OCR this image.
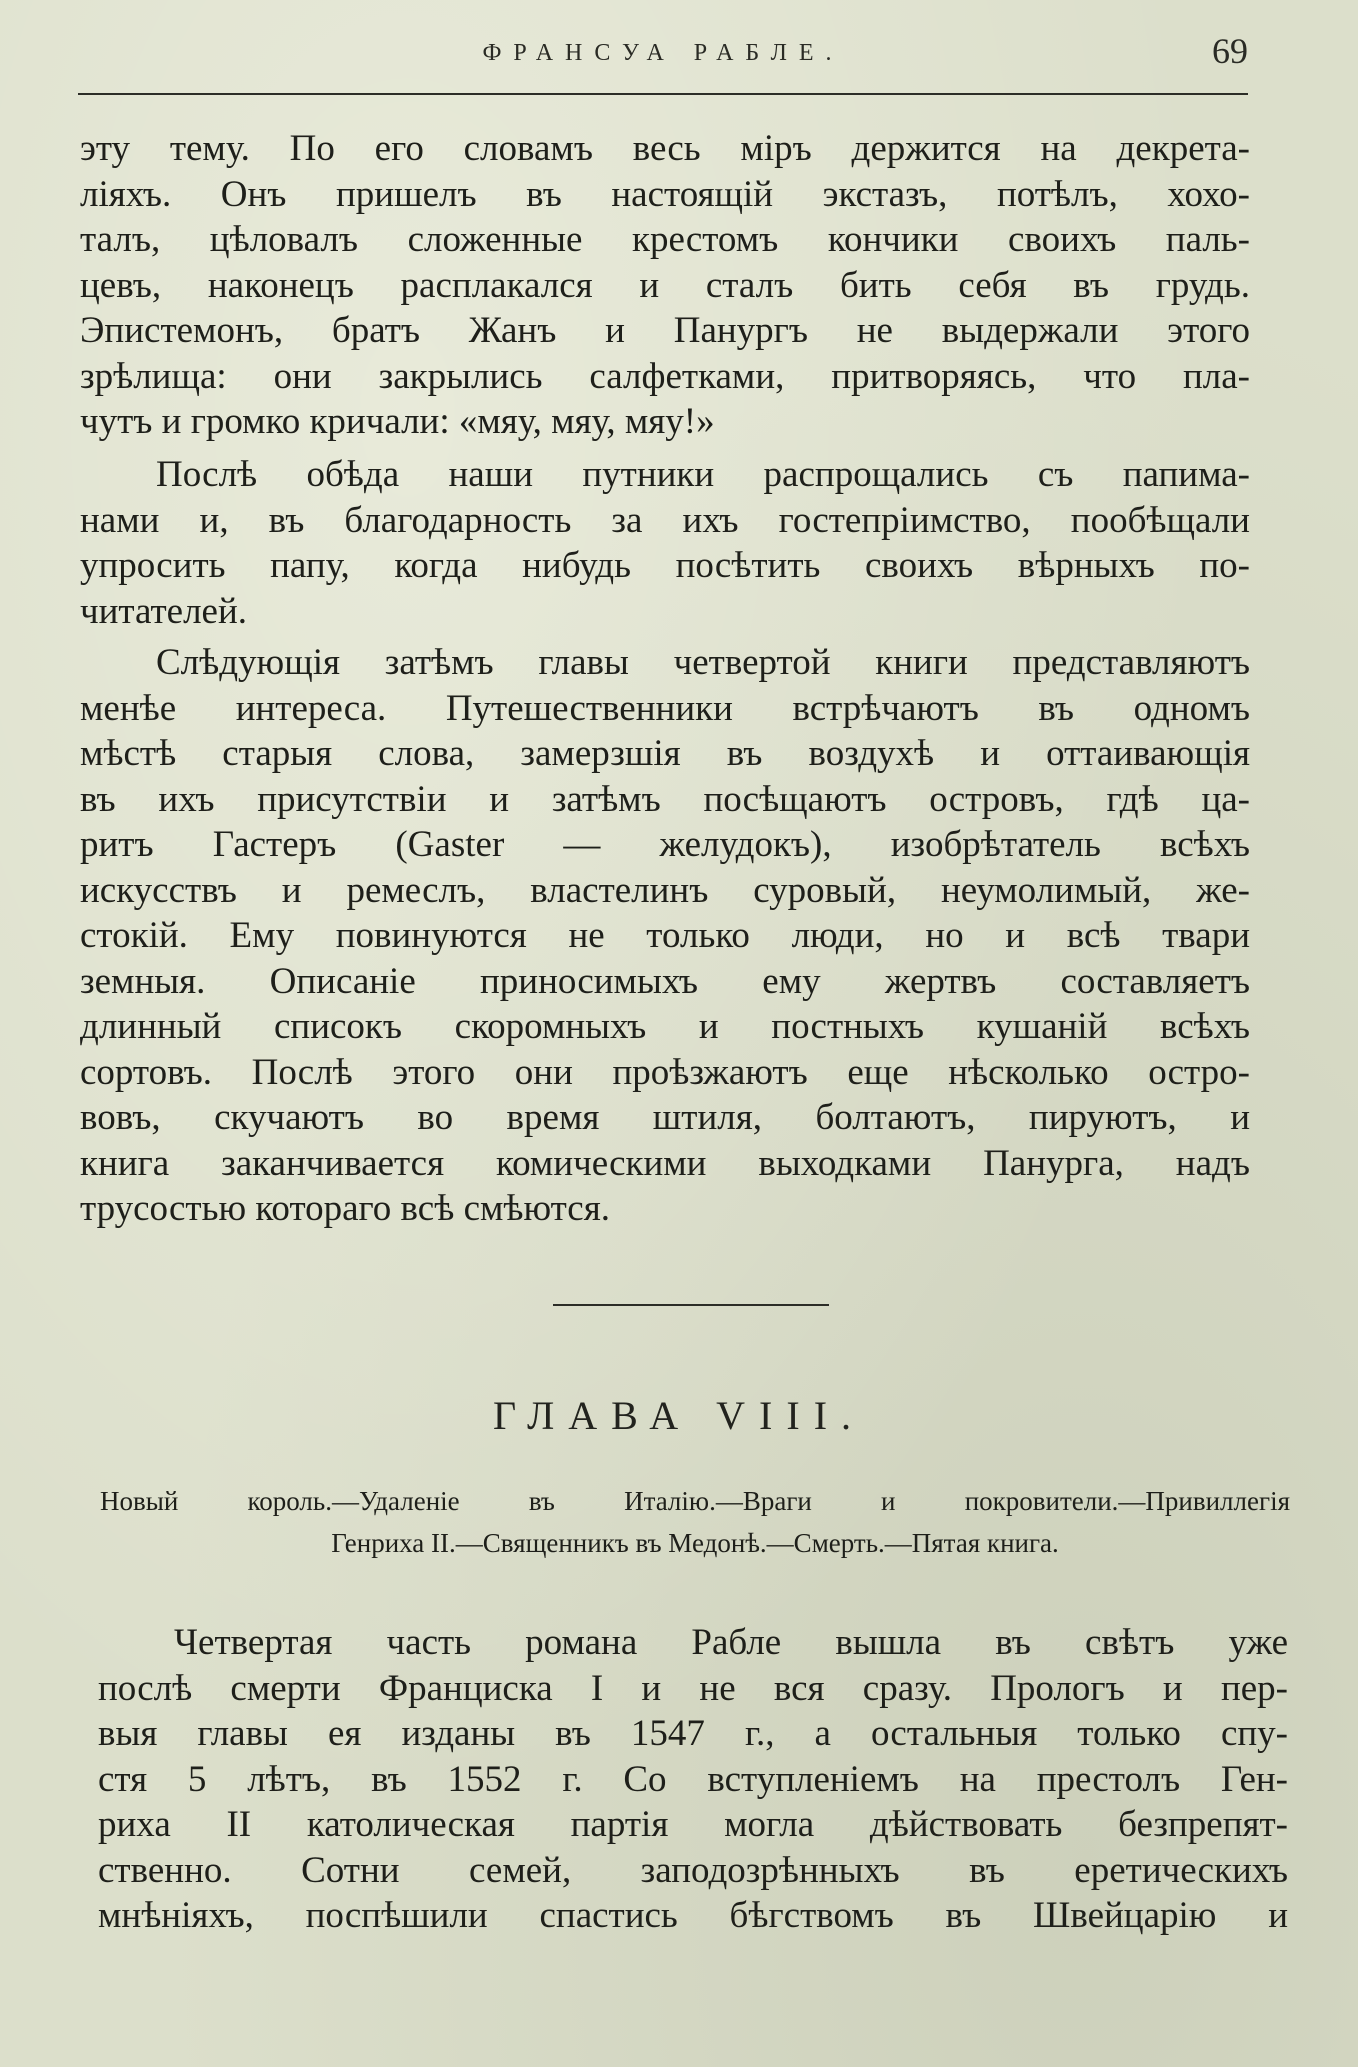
ФРАНСУА РАБЛЕ.	69
эту тему. По его словамъ весь мiръ держится на декрета-
лiяхъ. Онъ пришелъ въ настоящiй экстазъ, потѣлъ, хохо-
талъ, цѣловалъ сложенные крестомъ кончики своихъ паль-
цевъ, наконецъ расплакался и сталъ бить себя въ грудь.
Эпистемонъ, братъ Жанъ и Панургъ не выдержали этого
зрѣлища: они закрылись салфетками, притворяясь, что пла-
чутъ и громко кричали: «мяу, мяу, мяу!»
Послѣ обѣда наши путники распрощались съ папима-
нами и, въ благодарность за ихъ гостепрiимство, пообѣщали
упросить папу, когда нибудь посѣтить своихъ вѣрныхъ по-
читателей.
Слѣдующiя затѣмъ главы четвертой книги представляютъ
менѣе интереса. Путешественники встрѣчаютъ въ одномъ
мѣстѣ старыя слова, замерзшiя въ воздухѣ и оттаивающiя
въ ихъ присутствiи и затѣмъ посѣщаютъ островъ, гдѣ ца-
ритъ Гастеръ (Gaster — желудокъ), изобрѣтатель всѣхъ
искусствъ и ремеслъ, властелинъ суровый, неумолимый, же-
стокiй. Ему повинуются не только люди, но и всѣ твари
земныя. Описанiе приносимыхъ ему жертвъ составляетъ
длинный списокъ скоромныхъ и постныхъ кушанiй всѣхъ
сортовъ. Послѣ этого они проѣзжаютъ еще нѣсколько остро-
вовъ, скучаютъ во время штиля, болтаютъ, пируютъ, и
книга заканчивается комическими выходками Панурга, надъ
трусостью котораго всѣ смѣются.
ГЛАВА VIII.
Новый король.—Удаленiе въ Италiю.—Враги и покровители.—Привиллегiя
Генриха II.—Священникъ въ Медонѣ.—Смерть.—Пятая книга.
Четвертая часть романа Рабле вышла въ свѣтъ уже
послѣ смерти Франциска I и не вся сразу. Прологъ и пер-
выя главы ея изданы въ 1547 г., а остальныя только спу-
стя 5 лѣтъ, въ 1552 г. Со вступленiемъ на престолъ Ген-
риха II католическая партiя могла дѣйствовать безпрепят-
ственно. Сотни семей, заподозрѣнныхъ въ еретическихъ
мнѣнiяхъ, поспѣшили спастись бѣгствомъ въ Швейцарiю и
